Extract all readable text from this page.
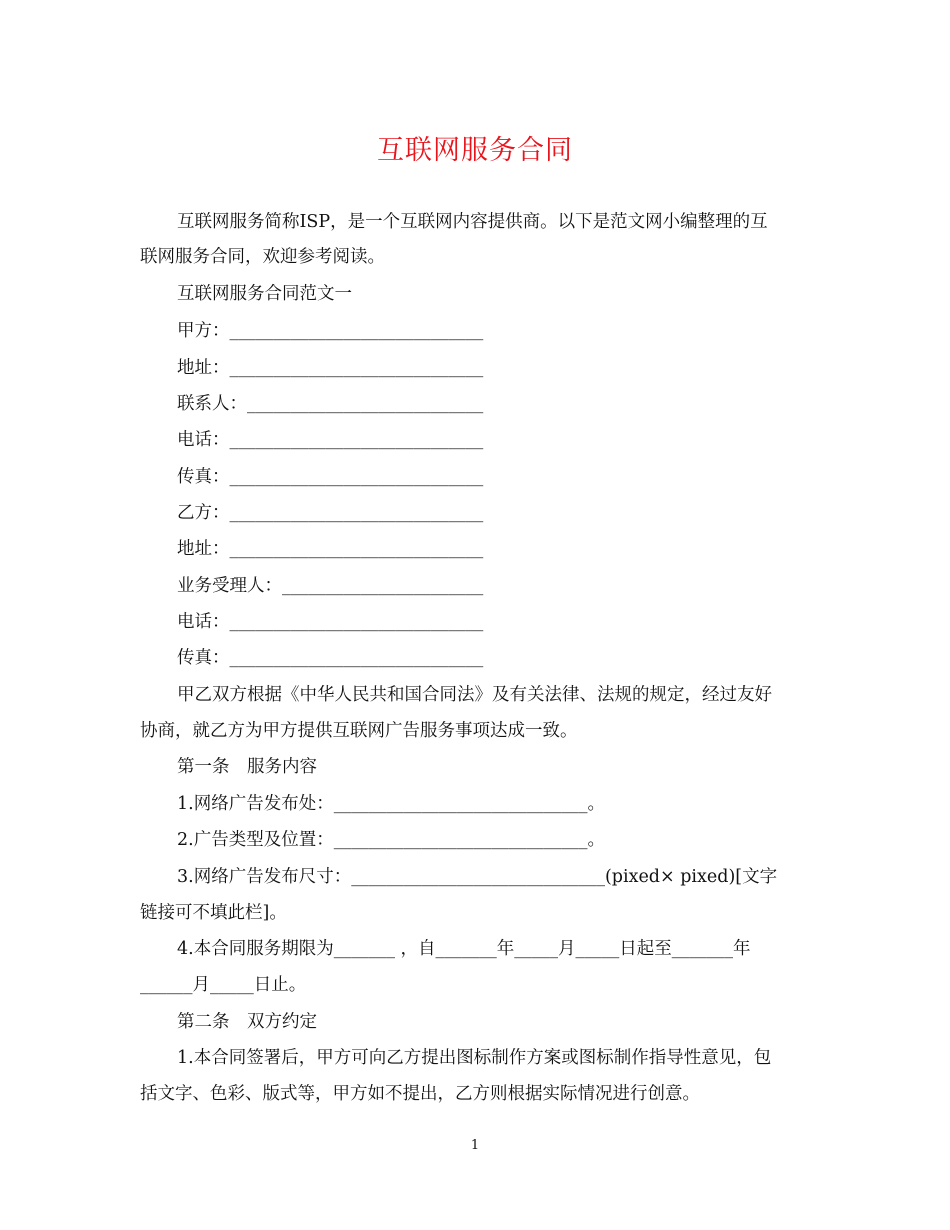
互联网服务合同
互联网服务简称ISP，是一个互联网内容提供商。以下是范文网小编整理的互
联网服务合同，欢迎参考阅读。
互联网服务合同范文一
甲方：_____________________________
地址：_____________________________
联系人：___________________________
电话：_____________________________
传真：_____________________________
乙方：_____________________________
地址：_____________________________
业务受理人：_______________________
电话：_____________________________
传真：_____________________________
甲乙双方根据《中华人民共和国合同法》及有关法律、法规的规定，经过友好
协商，就乙方为甲方提供互联网广告服务事项达成一致。
第一条　服务内容
1.网络广告发布处：_____________________________。
2.广告类型及位置：_____________________________。
3.网络广告发布尺寸：_____________________________(pixed× pixed)[文字
链接可不填此栏]。
4.本合同服务期限为_______ ，自_______年_____月_____日起至_______年
______月_____日止。
第二条　双方约定
1.本合同签署后，甲方可向乙方提出图标制作方案或图标制作指导性意见，包
括文字、色彩、版式等，甲方如不提出，乙方则根据实际情况进行创意。
1
